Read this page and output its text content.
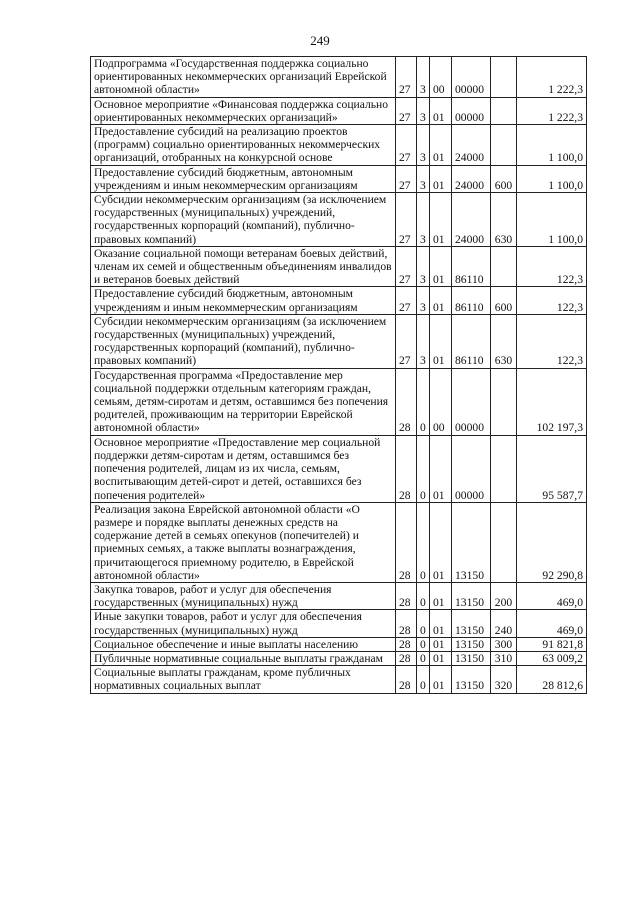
249
Подпрограмма «Государственная поддержка социально ориентированных некоммерческих организаций Еврейской автономной области»	27	3	00	00000		1 222,3
Основное мероприятие «Финансовая поддержка социально ориентированных некоммерческих организаций»	27	3	01	00000		1 222,3
Предоставление субсидий на реализацию проектов (программ) социально ориентированных некоммерческих организаций, отобранных на конкурсной основе	27	3	01	24000		1 100,0
Предоставление субсидий бюджетным, автономным учреждениям и иным некоммерческим организациям	27	3	01	24000	600	1 100,0
Субсидии некоммерческим организациям (за исключением государственных (муниципальных) учреждений, государственных корпораций (компаний), публично-правовых компаний)	27	3	01	24000	630	1 100,0
Оказание социальной помощи ветеранам боевых действий, членам их семей и общественным объединениям инвалидов и ветеранов боевых действий	27	3	01	86110		122,3
Предоставление субсидий бюджетным, автономным учреждениям и иным некоммерческим организациям	27	3	01	86110	600	122,3
Субсидии некоммерческим организациям (за исключением государственных (муниципальных) учреждений, государственных корпораций (компаний), публично-правовых компаний)	27	3	01	86110	630	122,3
Государственная программа «Предоставление мер социальной поддержки отдельным категориям граждан, семьям, детям-сиротам и детям, оставшимся без попечения родителей, проживающим на территории Еврейской автономной области»	28	0	00	00000		102 197,3
Основное мероприятие «Предоставление мер социальной поддержки детям-сиротам и детям, оставшимся без попечения родителей, лицам из их числа, семьям, воспитывающим детей-сирот и детей, оставшихся без попечения родителей»	28	0	01	00000		95 587,7
Реализация закона Еврейской автономной области «О размере и порядке выплаты денежных средств на содержание детей в семьях опекунов (попечителей) и приемных семьях, а также выплаты вознаграждения, причитающегося приемному родителю, в Еврейской автономной области»	28	0	01	13150		92 290,8
Закупка товаров, работ и услуг для обеспечения государственных (муниципальных) нужд	28	0	01	13150	200	469,0
Иные закупки товаров, работ и услуг для обеспечения государственных (муниципальных) нужд	28	0	01	13150	240	469,0
Социальное обеспечение и иные выплаты населению	28	0	01	13150	300	91 821,8
Публичные нормативные социальные выплаты гражданам	28	0	01	13150	310	63 009,2
Социальные выплаты гражданам, кроме публичных нормативных социальных выплат	28	0	01	13150	320	28 812,6
